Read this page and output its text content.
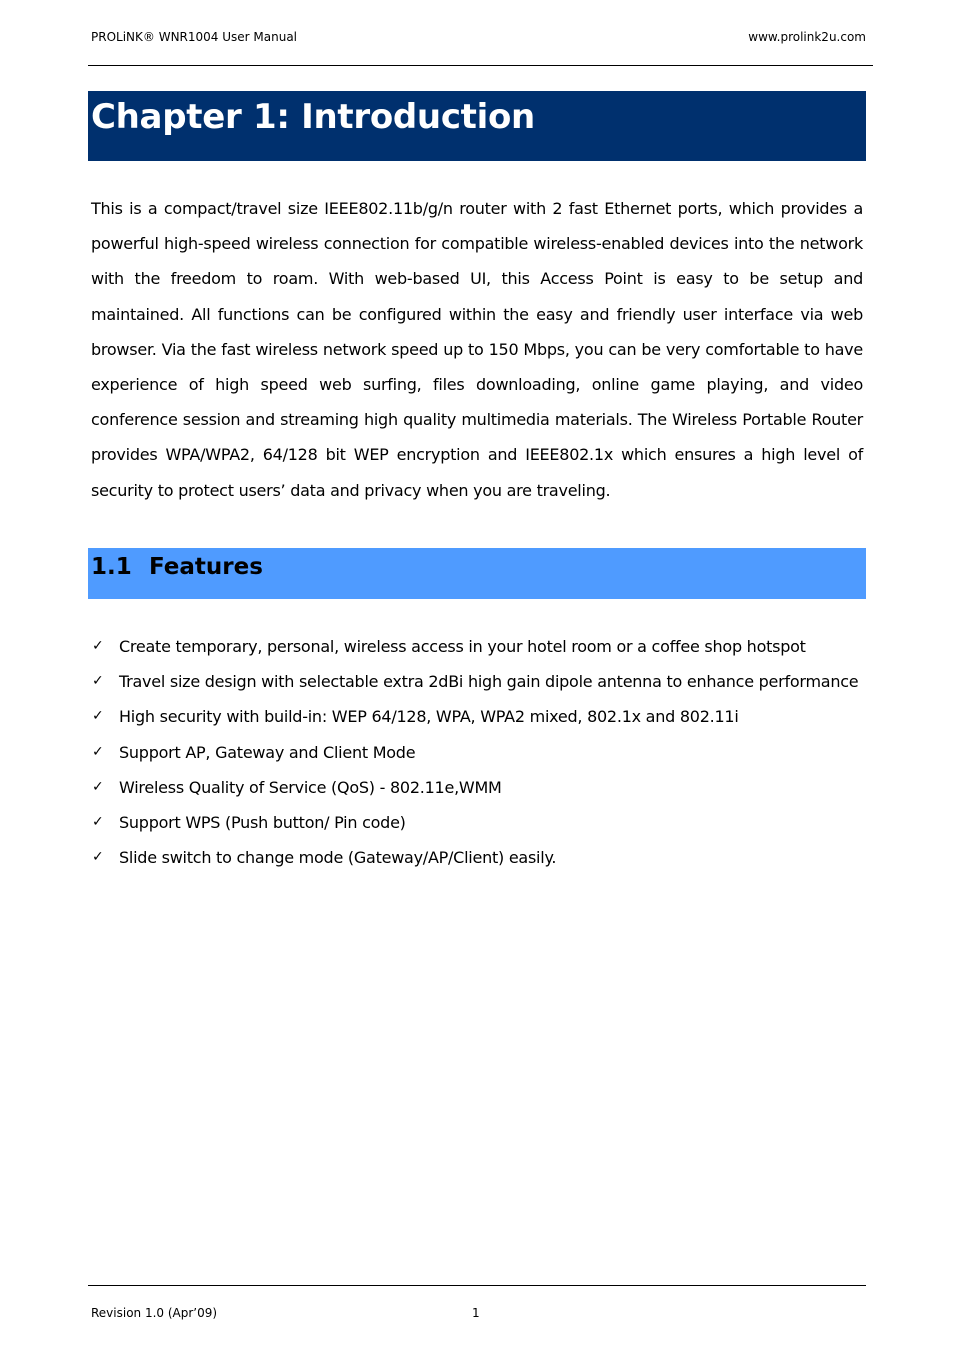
PROLiNK® WNR1004 User Manual	www.prolink2u.com
Chapter 1: Introduction

This is a compact/travel size IEEE802.11b/g/n router with 2 fast Ethernet ports, which provides a powerful high-speed wireless connection for compatible wireless-enabled devices into the network with the freedom to roam. With web-based UI, this Access Point is easy to be setup and maintained. All functions can be configured within the easy and friendly user interface via web browser. Via the fast wireless network speed up to 150 Mbps, you can be very comfortable to have experience of high speed web surfing, files downloading, online game playing, and video conference session and streaming high quality multimedia materials. The Wireless Portable Router provides WPA/WPA2, 64/128 bit WEP encryption and IEEE802.1x which ensures a high level of security to protect users’ data and privacy when you are traveling.

1.1 Features
✓ Create temporary, personal, wireless access in your hotel room or a coffee shop hotspot
✓ Travel size design with selectable extra 2dBi high gain dipole antenna to enhance performance
✓ High security with build-in: WEP 64/128, WPA, WPA2 mixed, 802.1x and 802.11i
✓ Support AP, Gateway and Client Mode
✓ Wireless Quality of Service (QoS) - 802.11e,WMM
✓ Support WPS (Push button/ Pin code)
✓ Slide switch to change mode (Gateway/AP/Client) easily.
Revision 1.0 (Apr’09)	1
